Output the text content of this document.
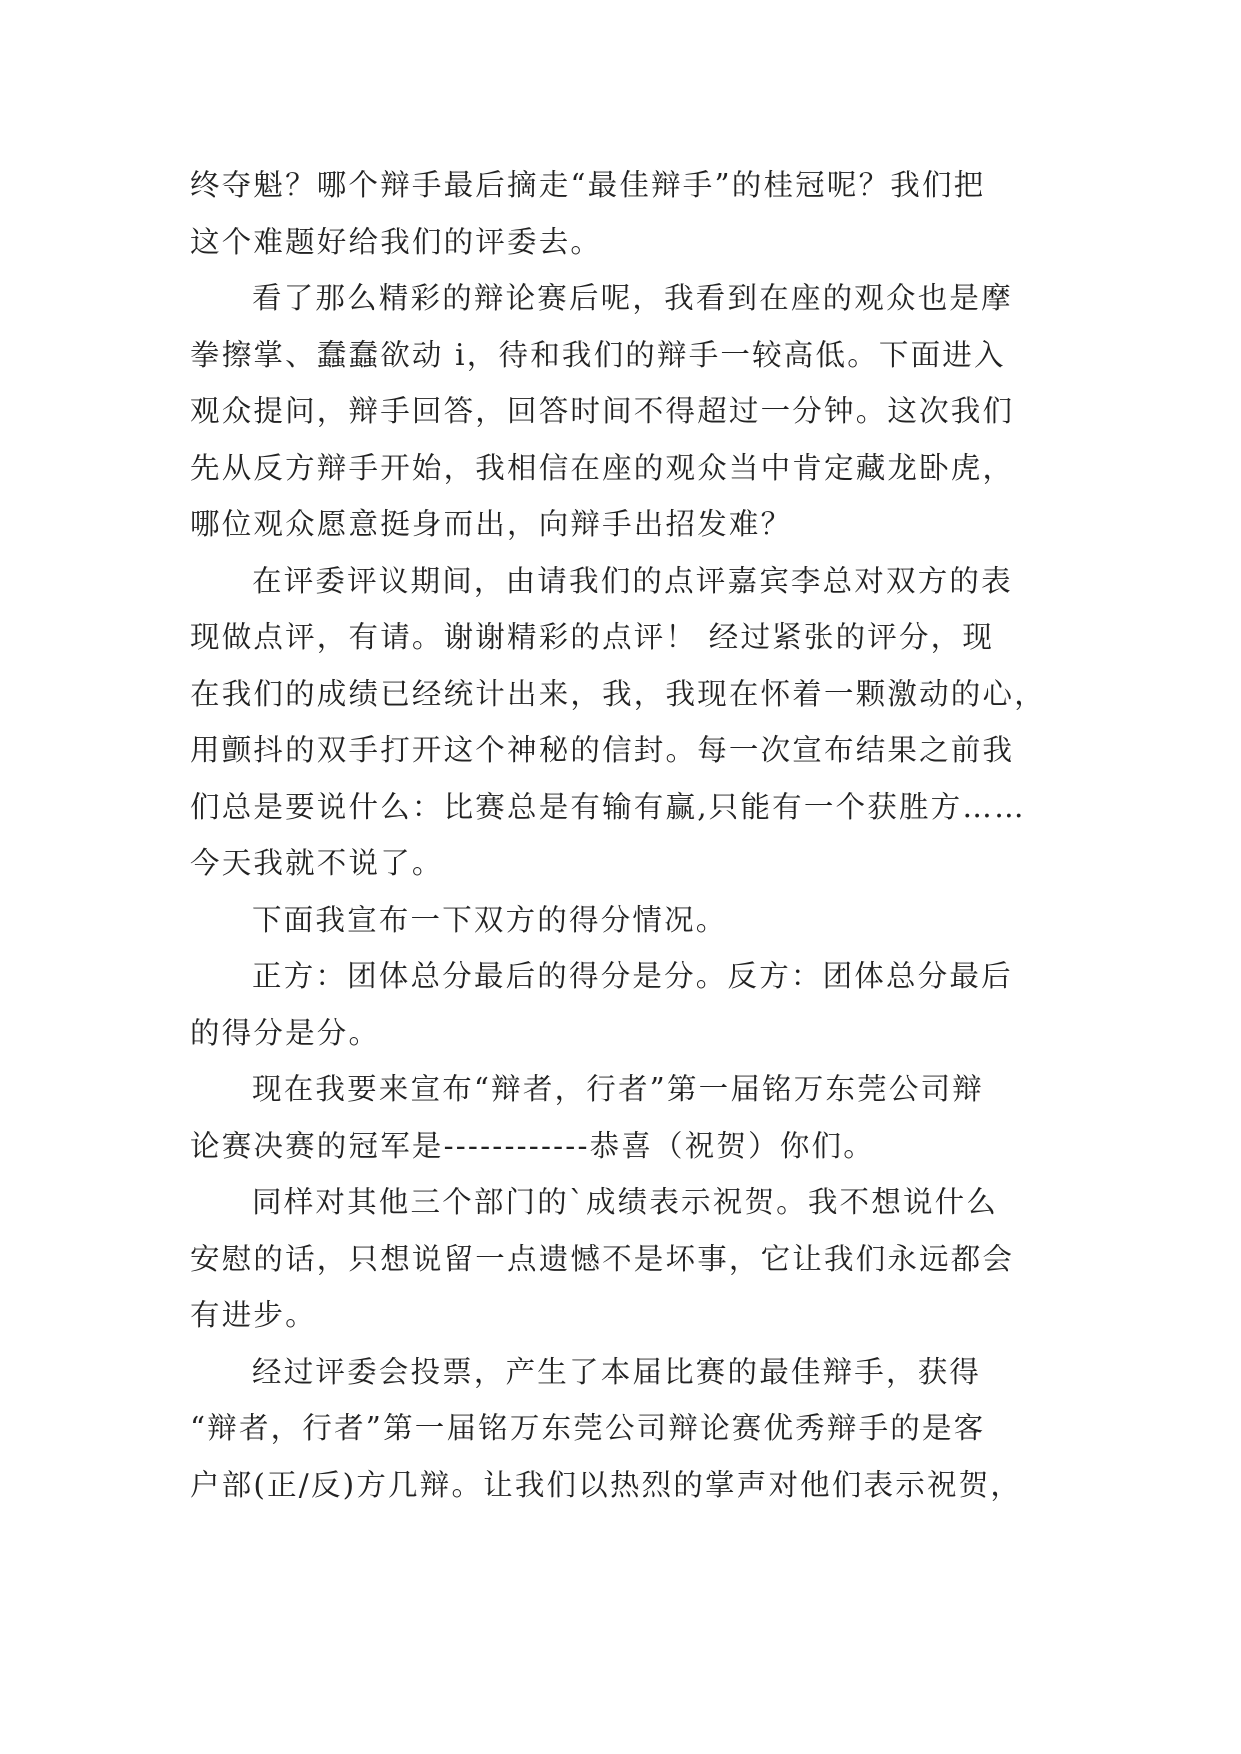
终夺魁？哪个辩手最后摘走“最佳辩手”的桂冠呢？我们把
这个难题好给我们的评委去。
看了那么精彩的辩论赛后呢，我看到在座的观众也是摩
拳擦掌、蠢蠢欲动 i，待和我们的辩手一较高低。下面进入
观众提问，辩手回答，回答时间不得超过一分钟。这次我们
先从反方辩手开始，我相信在座的观众当中肯定藏龙卧虎，
哪位观众愿意挺身而出，向辩手出招发难？
在评委评议期间，由请我们的点评嘉宾李总对双方的表
现做点评，有请。谢谢精彩的点评！ 经过紧张的评分，现
在我们的成绩已经统计出来，我，我现在怀着一颗激动的心，
用颤抖的双手打开这个神秘的信封。每一次宣布结果之前我
们总是要说什么：比赛总是有输有赢,只能有一个获胜方……
今天我就不说了。
下面我宣布一下双方的得分情况。
正方：团体总分最后的得分是分。反方：团体总分最后
的得分是分。
现在我要来宣布“辩者，行者”第一届铭万东莞公司辩
论赛决赛的冠军是------------恭喜（祝贺）你们。
同样对其他三个部门的`成绩表示祝贺。我不想说什么
安慰的话，只想说留一点遗憾不是坏事，它让我们永远都会
有进步。
经过评委会投票，产生了本届比赛的最佳辩手，获得
“辩者，行者”第一届铭万东莞公司辩论赛优秀辩手的是客
户部(正/反)方几辩。让我们以热烈的掌声对他们表示祝贺，
